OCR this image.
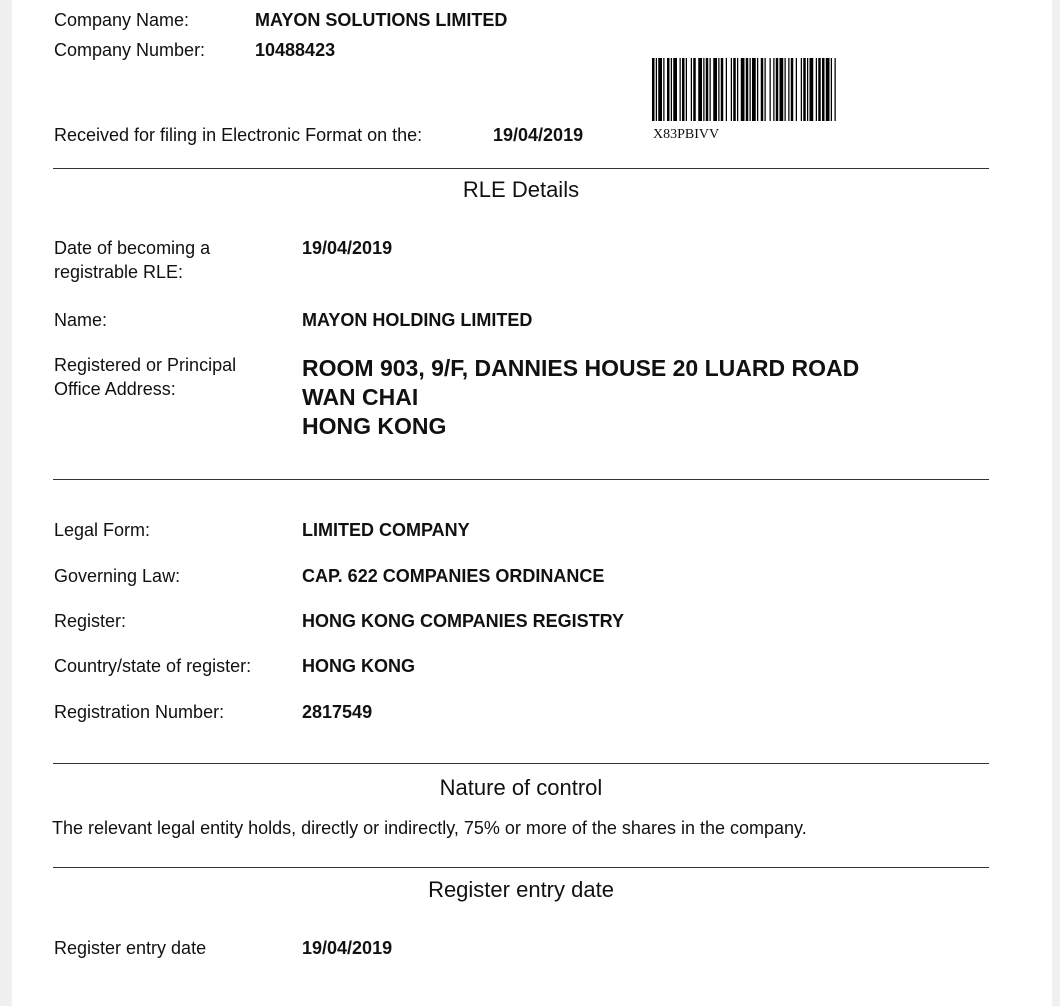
Company Name:	MAYON SOLUTIONS LIMITED
Company Number:	10488423
Received for filing in Electronic Format on the:	19/04/2019	X83PBIVV
RLE Details
Date of becoming a
registrable RLE:
19/04/2019
Name:	MAYON HOLDING LIMITED
Registered or Principal
Office Address:
ROOM 903, 9/F, DANNIES HOUSE 20 LUARD ROAD
WAN CHAI
HONG KONG
Legal Form:	LIMITED COMPANY
Governing Law:	CAP. 622 COMPANIES ORDINANCE
Register:	HONG KONG COMPANIES REGISTRY
Country/state of register:	HONG KONG
Registration Number:	2817549
Nature of control
The relevant legal entity holds, directly or indirectly, 75% or more of the shares in the company.
Register entry date
Register entry date	19/04/2019
